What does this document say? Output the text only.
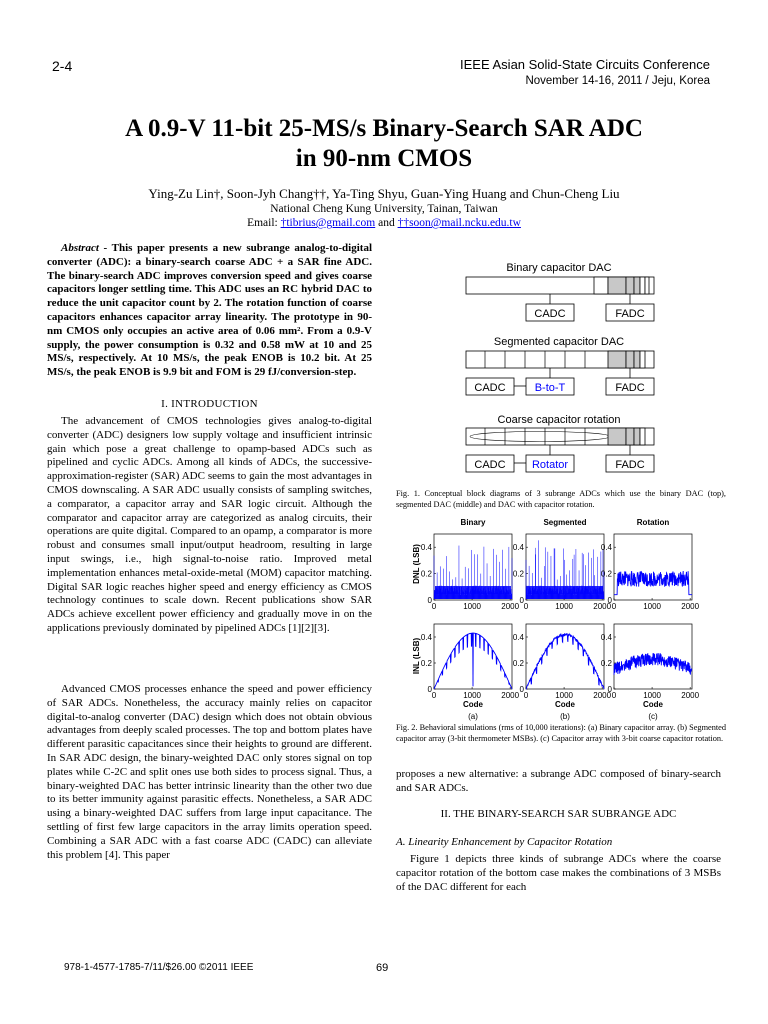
2-4	IEEE Asian Solid-State Circuits Conference
November 14-16, 2011 / Jeju, Korea
A 0.9-V 11-bit 25-MS/s Binary-Search SAR ADC
in 90-nm CMOS
Ying-Zu Lin†, Soon-Jyh Chang††, Ya-Ting Shyu, Guan-Ying Huang and Chun-Cheng Liu
National Cheng Kung University, Tainan, Taiwan
Email: †tibrius@gmail.com and ††soon@mail.ncku.edu.tw

Abstract - This paper presents a new subrange analog-to-digital converter (ADC): a binary-search coarse ADC + a SAR fine ADC. The binary-search ADC improves conversion speed and gives coarse capacitors longer settling time. This ADC uses an RC hybrid DAC to reduce the unit capacitor count by 2. The rotation function of coarse capacitors enhances capacitor array linearity. The prototype in 90-nm CMOS only occupies an active area of 0.06 mm². From a 0.9-V supply, the power consumption is 0.32 and 0.58 mW at 10 and 25 MS/s, respectively. At 10 MS/s, the peak ENOB is 10.2 bit. At 25 MS/s, the peak ENOB is 9.9 bit and FOM is 29 fJ/conversion-step.

I. INTRODUCTION

The advancement of CMOS technologies gives analog-to-digital converter (ADC) designers low supply voltage and insufficient intrinsic gain which pose a great challenge to opamp-based ADCs such as pipelined and cyclic ADCs. Among all kinds of ADCs, the successive-approximation-register (SAR) ADC seems to gain the most advantages in CMOS downscaling. A SAR ADC usually consists of sampling switches, a comparator, a capacitor array and SAR logic circuit. Although the comparator and capacitor array are categorized as analog circuits, their operations are quite digital. Compared to an opamp, a comparator is more robust and consumes small input/output headroom, resulting in large input swings, i.e., high signal-to-noise ratio. Improved metal implementation enhances metal-oxide-metal (MOM) capacitor matching. Digital SAR logic reaches higher speed and energy efficiency as CMOS technology continues to scale down. Recent publications show SAR ADCs achieve excellent power efficiency and gradually move in on the applications previously dominated by pipelined ADCs [1][2][3].

Advanced CMOS processes enhance the speed and power efficiency of SAR ADCs. Nonetheless, the accuracy mainly relies on capacitor digital-to-analog converter (DAC) design which does not obtain obvious advantages from deeply scaled processes. The top and bottom plates have different parasitic capacitances since their heights to ground are different. In SAR ADC design, the binary-weighted DAC only stores signal on top plates while C-2C and split ones use both sides to process signal. Thus, a binary-weighted DAC has better intrinsic linearity than the other two due to its better immunity against parasitic effects. Nonetheless, a SAR ADC using a binary-weighted DAC suffers from large input capacitance. The settling of first few large capacitors in the array limits operation speed. Combining a SAR ADC with a fast coarse ADC (CADC) can alleviate this problem [4]. This paper

Binary capacitor DAC
CADC	FADC
Segmented capacitor DAC
CADC	B-to-T	FADC
Coarse capacitor rotation
CADC Rotator	FADC
Fig. 1. Conceptual block diagrams of 3 subrange ADCs which use the binary DAC (top), segmented DAC (middle) and DAC with capacitor rotation.
0
0.2
0.4
0	1000	2000
0
0.2
0.4
0	1000	2000
0
0.2
0.4
0	1000	2000
0
0.2
0.4
0	1000	2000
0
0.2
0.4
0	1000	2000
0
0.2
0.4
0	1000	2000
Binary	Segmented	Rotation
DNL (LSB)
INL (LSB)
Code	Code	Code
(a)	(b)	(c)
Fig. 2. Behavioral simulations (rms of 10,000 iterations): (a) Binary capacitor array. (b) Segmented capacitor array (3-bit thermometer MSBs). (c) Capacitor array with 3-bit coarse capacitor rotation.

proposes a new alternative: a subrange ADC composed of binary-search and SAR ADCs.

II. THE BINARY-SEARCH SAR SUBRANGE ADC
A. Linearity Enhancement by Capacitor Rotation

Figure 1 depicts three kinds of subrange ADCs where the coarse capacitor rotation of the bottom case makes the combinations of 3 MSBs of the DAC different for each

978-1-4577-1785-7/11/$26.00 ©2011 IEEE	69
